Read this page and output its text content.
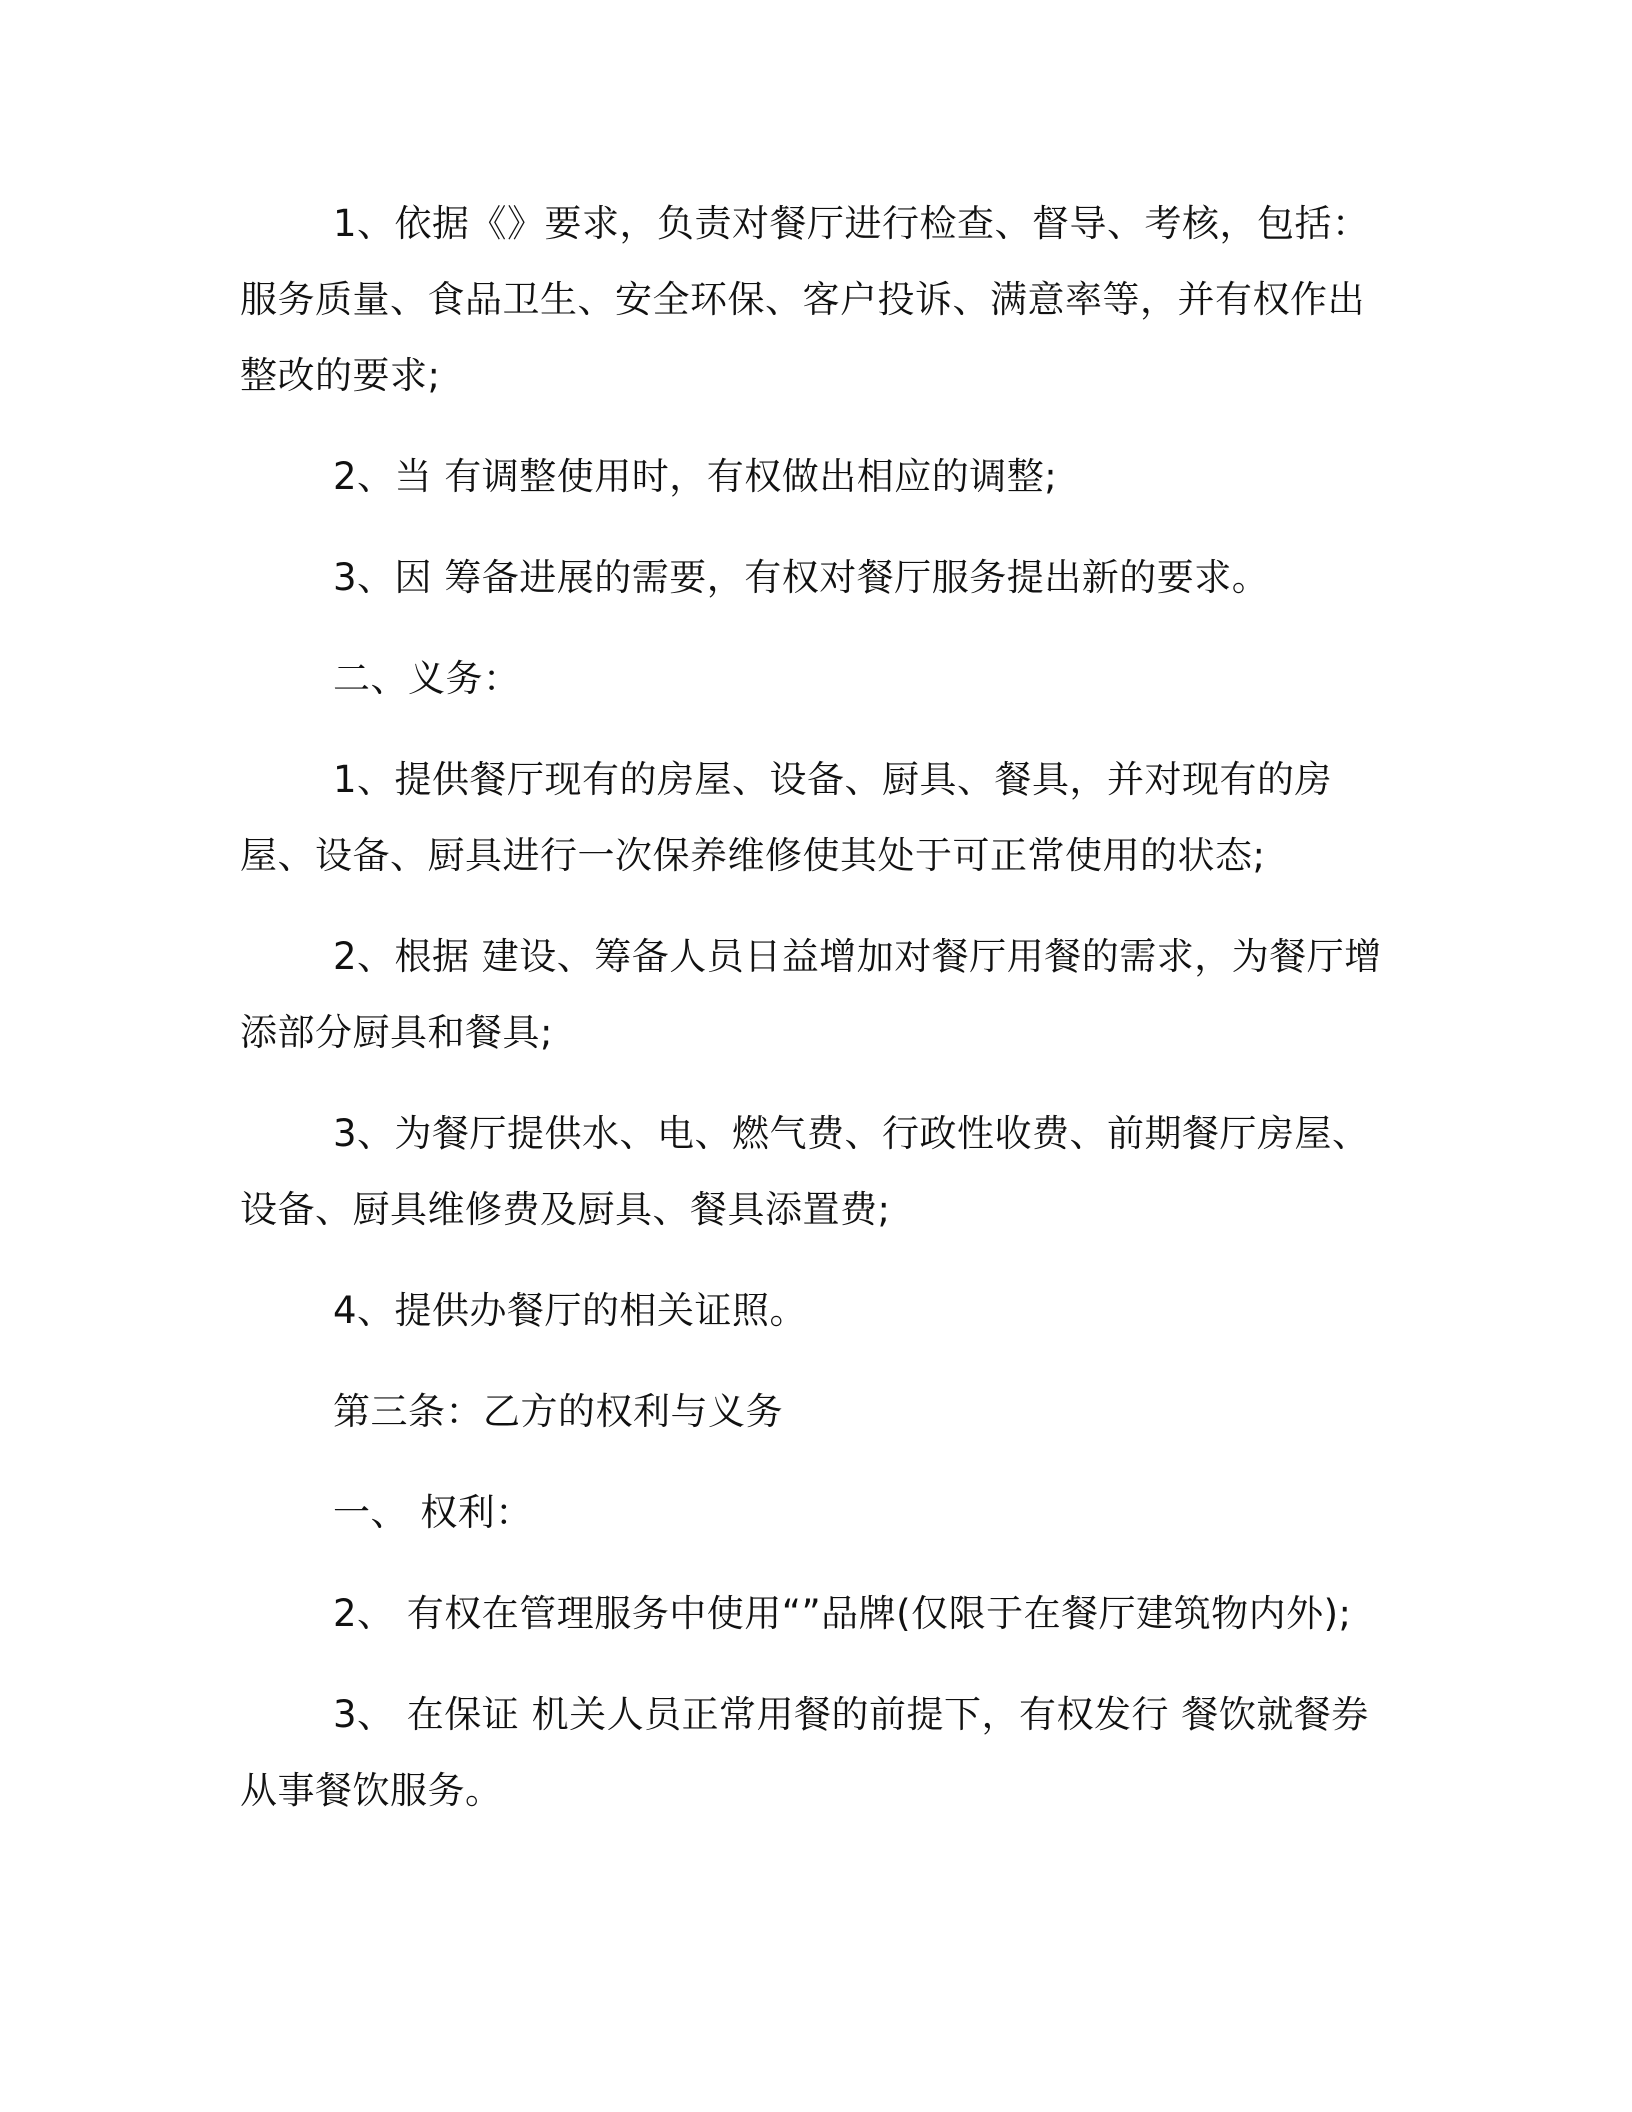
1、依据《》要求，负责对餐厅进行检查、督导、考核，包括：服务质量、食品卫生、安全环保、客户投诉、满意率等，并有权作出整改的要求;

2、当 有调整使用时，有权做出相应的调整;

3、因 筹备进展的需要，有权对餐厅服务提出新的要求。

二、义务：

1、提供餐厅现有的房屋、设备、厨具、餐具，并对现有的房屋、设备、厨具进行一次保养维修使其处于可正常使用的状态;

2、根据 建设、筹备人员日益增加对餐厅用餐的需求，为餐厅增添部分厨具和餐具;

3、为餐厅提供水、电、燃气费、行政性收费、前期餐厅房屋、设备、厨具维修费及厨具、餐具添置费;

4、提供办餐厅的相关证照。

第三条：乙方的权利与义务

一、 权利：

2、 有权在管理服务中使用“”品牌(仅限于在餐厅建筑物内外);

3、 在保证 机关人员正常用餐的前提下，有权发行 餐饮就餐券从事餐饮服务。
